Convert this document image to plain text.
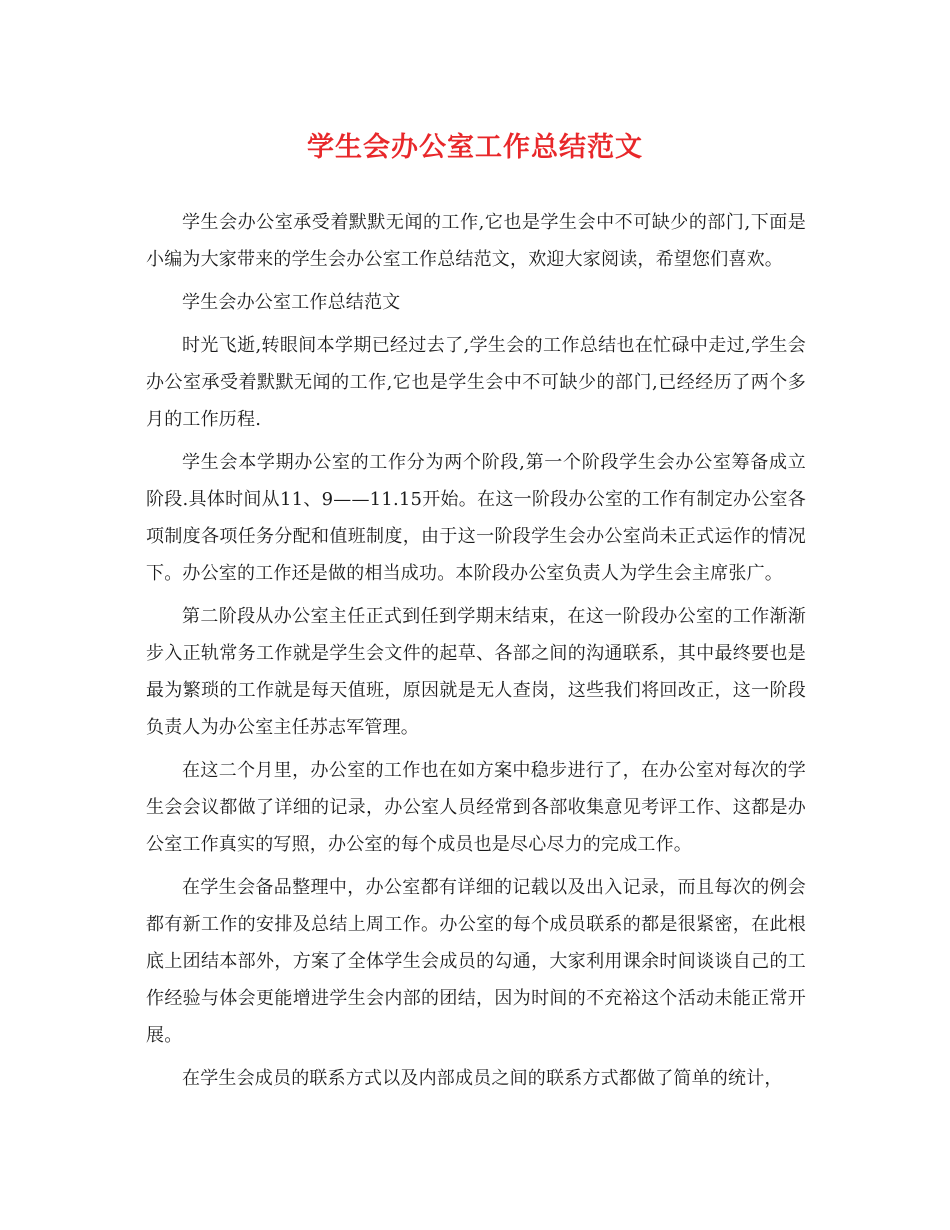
学生会办公室工作总结范文

学生会办公室承受着默默无闻的工作,它也是学生会中不可缺少的部门,下面是小编为大家带来的学生会办公室工作总结范文，欢迎大家阅读，希望您们喜欢。

学生会办公室工作总结范文

时光飞逝,转眼间本学期已经过去了,学生会的工作总结也在忙碌中走过,学生会办公室承受着默默无闻的工作,它也是学生会中不可缺少的部门,已经经历了两个多月的工作历程.

学生会本学期办公室的工作分为两个阶段,第一个阶段学生会办公室筹备成立阶段.具体时间从11、9——11.15开始。在这一阶段办公室的工作有制定办公室各项制度各项任务分配和值班制度，由于这一阶段学生会办公室尚未正式运作的情况下。办公室的工作还是做的相当成功。本阶段办公室负责人为学生会主席张广。

第二阶段从办公室主任正式到任到学期末结束，在这一阶段办公室的工作渐渐步入正轨常务工作就是学生会文件的起草、各部之间的沟通联系，其中最终要也是最为繁琐的工作就是每天值班，原因就是无人查岗，这些我们将回改正，这一阶段负责人为办公室主任苏志军管理。

在这二个月里，办公室的工作也在如方案中稳步进行了，在办公室对每次的学生会会议都做了详细的记录，办公室人员经常到各部收集意见考评工作、这都是办公室工作真实的写照，办公室的每个成员也是尽心尽力的完成工作。

在学生会备品整理中，办公室都有详细的记载以及出入记录，而且每次的例会都有新工作的安排及总结上周工作。办公室的每个成员联系的都是很紧密，在此根底上团结本部外，方案了全体学生会成员的勾通，大家利用课余时间谈谈自己的工作经验与体会更能增进学生会内部的团结，因为时间的不充裕这个活动未能正常开展。

在学生会成员的联系方式以及内部成员之间的联系方式都做了简单的统计，
